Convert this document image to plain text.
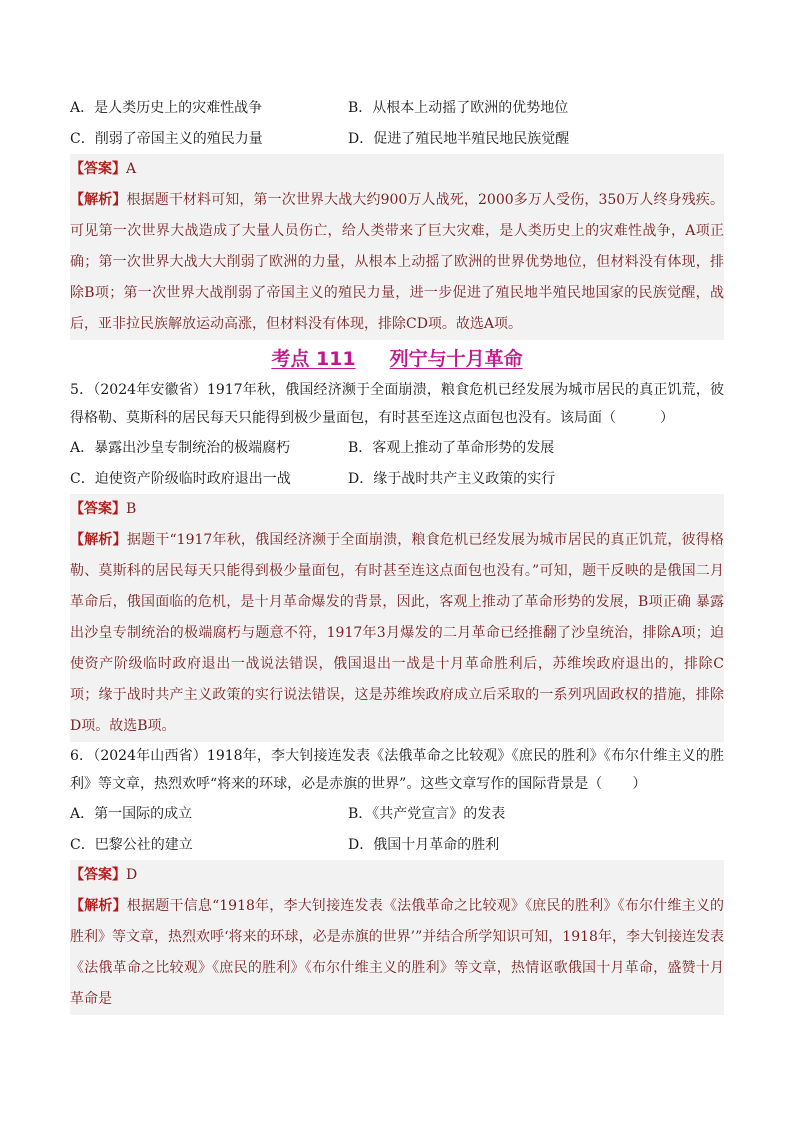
A．是人类历史上的灾难性战争	B．从根本上动摇了欧洲的优势地位
C．削弱了帝国主义的殖民力量	D．促进了殖民地半殖民地民族觉醒
【答案】A
【解析】根据题干材料可知，第一次世界大战大约900万人战死，2000多万人受伤，350万人终身残疾。可见第一次世界大战造成了大量人员伤亡，给人类带来了巨大灾难，是人类历史上的灾难性战争，A项正确；第一次世界大战大大削弱了欧洲的力量，从根本上动摇了欧洲的世界优势地位，但材料没有体现，排除B项；第一次世界大战削弱了帝国主义的殖民力量，进一步促进了殖民地半殖民地国家的民族觉醒，战后，亚非拉民族解放运动高涨，但材料没有体现，排除CD项。故选A项。
考点 111 列宁与十月革命
5．（2024年安徽省）1917年秋，俄国经济濒于全面崩溃，粮食危机已经发展为城市居民的真正饥荒，彼得格勒、莫斯科的居民每天只能得到极少量面包，有时甚至连这点面包也没有。该局面（	）
A．暴露出沙皇专制统治的极端腐朽	B．客观上推动了革命形势的发展
C．迫使资产阶级临时政府退出一战	D．缘于战时共产主义政策的实行
【答案】B
【解析】据题干“1917年秋，俄国经济濒于全面崩溃，粮食危机已经发展为城市居民的真正饥荒，彼得格勒、莫斯科的居民每天只能得到极少量面包，有时甚至连这点面包也没有。”可知，题干反映的是俄国二月革命后，俄国面临的危机，是十月革命爆发的背景，因此，客观上推动了革命形势的发展，B项正确 暴露出沙皇专制统治的极端腐朽与题意不符，1917年3月爆发的二月革命已经推翻了沙皇统治，排除A项；迫使资产阶级临时政府退出一战说法错误，俄国退出一战是十月革命胜利后，苏维埃政府退出的，排除C项；缘于战时共产主义政策的实行说法错误，这是苏维埃政府成立后采取的一系列巩固政权的措施，排除D项。故选B项。
6．（2024年山西省）1918年，李大钊接连发表《法俄革命之比较观》《庶民的胜利》《布尔什维主义的胜利》等文章，热烈欢呼“将来的环球，必是赤旗的世界”。这些文章写作的国际背景是（ ）
A．第一国际的成立	B．《共产党宣言》的发表
C．巴黎公社的建立	D．俄国十月革命的胜利
【答案】D
【解析】根据题干信息“1918年，李大钊接连发表《法俄革命之比较观》《庶民的胜利》《布尔什维主义的胜利》等文章，热烈欢呼‘将来的环球，必是赤旗的世界’”并结合所学知识可知，1918年，李大钊接连发表《法俄革命之比较观》《庶民的胜利》《布尔什维主义的胜利》等文章，热情讴歌俄国十月革命，盛赞十月革命是
